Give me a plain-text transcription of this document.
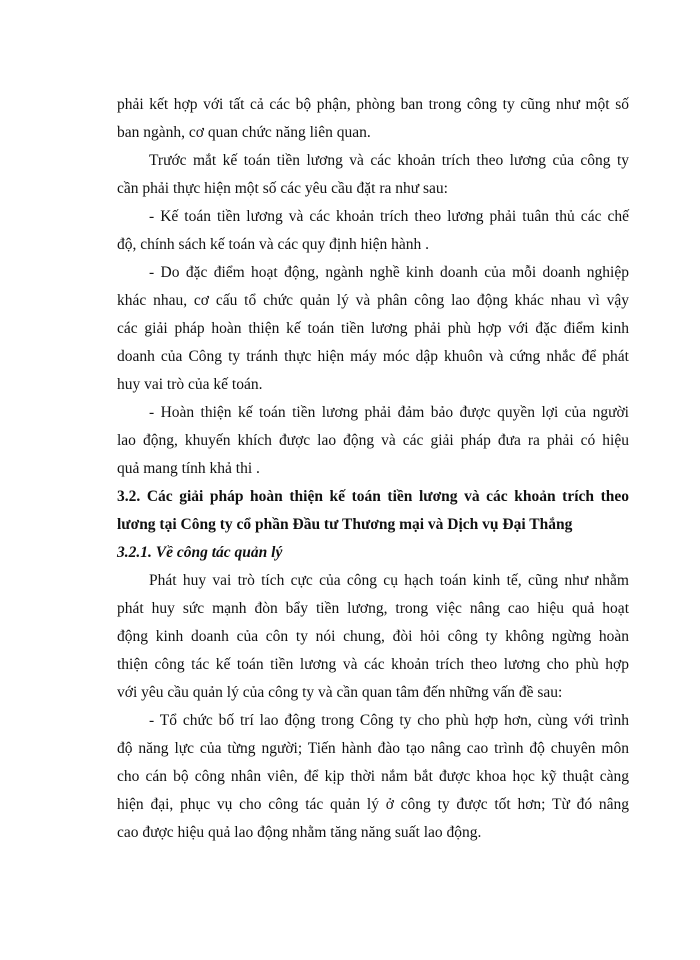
phải kết hợp với tất cả các bộ phận, phòng ban trong công ty cũng như một số
ban ngành, cơ quan chức năng liên quan.
Trước mắt kế toán tiền lương và các khoản trích theo lương của công ty
cần phải thực hiện một số các yêu cầu đặt ra như sau:
- Kế toán tiền lương và các khoản trích theo lương phải tuân thủ các chế
độ, chính sách kế toán và các quy định hiện hành .
- Do đặc điểm hoạt động, ngành nghề kinh doanh của mỗi doanh nghiệp
khác nhau, cơ cấu tổ chức quản lý và phân công lao động khác nhau vì vậy
các giải pháp hoàn thiện kế toán tiền lương phải phù hợp với đặc điểm kinh
doanh của Công ty tránh thực hiện máy móc dập khuôn và cứng nhắc để phát
huy vai trò của kế toán.
- Hoàn thiện kế toán tiền lương phải đảm bảo được quyền lợi của người
lao động, khuyến khích được lao động và các giải pháp đưa ra phải có hiệu
quả mang tính khả thi .
3.2. Các giải pháp hoàn thiện kế toán tiền lương và các khoản trích theo
lương tại Công ty cổ phần Đầu tư Thương mại và Dịch vụ Đại Thắng
3.2.1. Về công tác quản lý
Phát huy vai trò tích cực của công cụ hạch toán kinh tế, cũng như nhằm
phát huy sức mạnh đòn bẩy tiền lương, trong việc nâng cao hiệu quả hoạt
động kinh doanh của côn ty nói chung, đòi hỏi công ty không ngừng hoàn
thiện công tác kế toán tiền lương và các khoản trích theo lương cho phù hợp
với yêu cầu quản lý của công ty và cần quan tâm đến những vấn đề sau:
- Tổ chức bố trí lao động trong Công ty cho phù hợp hơn, cùng với trình
độ năng lực của từng người; Tiến hành đào tạo nâng cao trình độ chuyên môn
cho cán bộ công nhân viên, để kịp thời nắm bắt được khoa học kỹ thuật càng
hiện đại, phục vụ cho công tác quản lý ở công ty được tốt hơn; Từ đó nâng
cao được hiệu quả lao động nhằm tăng năng suất lao động.
